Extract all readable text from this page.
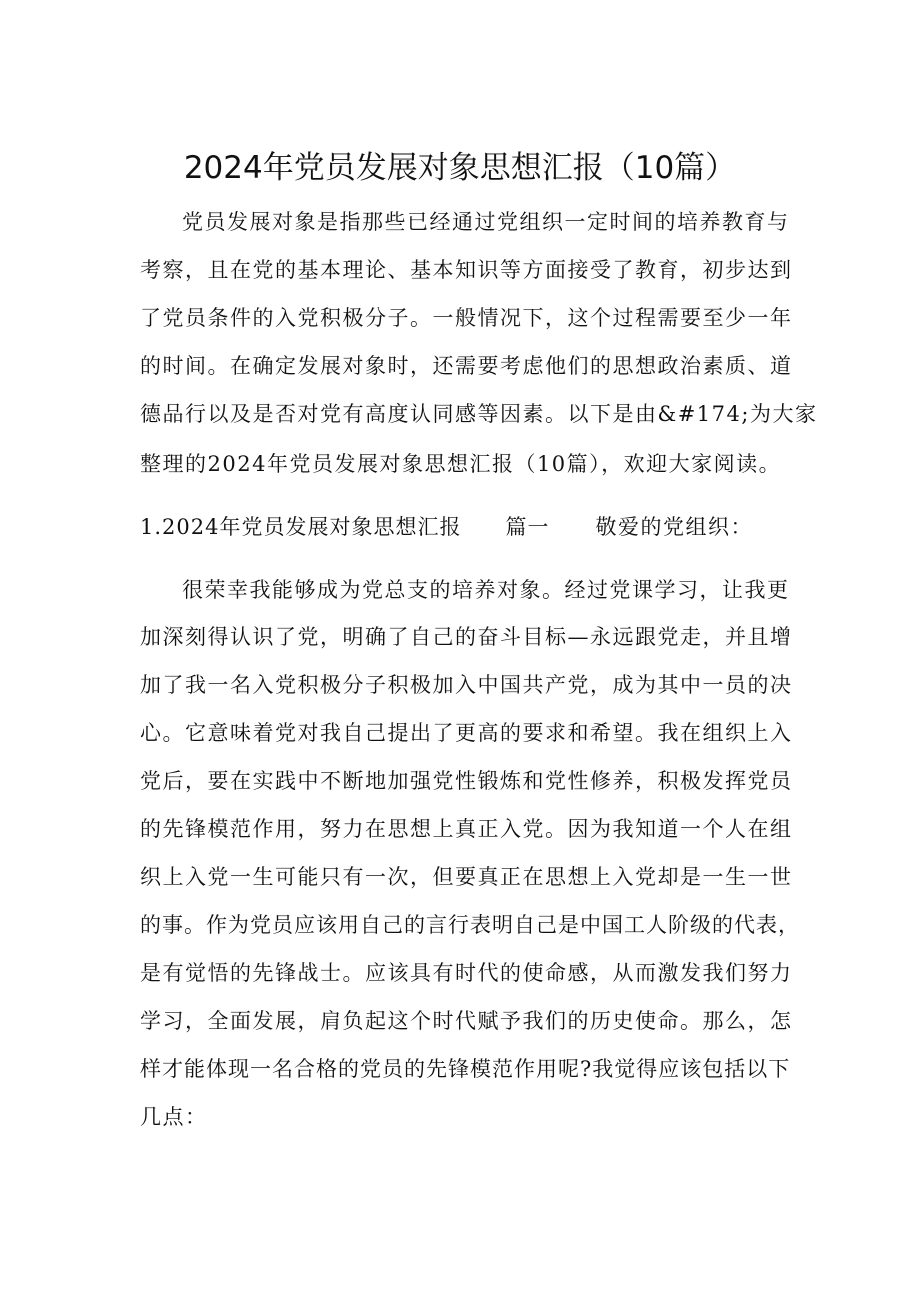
2024年党员发展对象思想汇报（10篇）
党员发展对象是指那些已经通过党组织一定时间的培养教育与
考察，且在党的基本理论、基本知识等方面接受了教育，初步达到
了党员条件的入党积极分子。一般情况下，这个过程需要至少一年
的时间。在确定发展对象时，还需要考虑他们的思想政治素质、道
德品行以及是否对党有高度认同感等因素。以下是由&#174;为大家
整理的2024年党员发展对象思想汇报（10篇），欢迎大家阅读。
1.2024年党员发展对象思想汇报 篇一 敬爱的党组织：
很荣幸我能够成为党总支的培养对象。经过党课学习，让我更
加深刻得认识了党，明确了自己的奋斗目标—永远跟党走，并且增
加了我一名入党积极分子积极加入中国共产党，成为其中一员的决
心。它意味着党对我自己提出了更高的要求和希望。我在组织上入
党后，要在实践中不断地加强党性锻炼和党性修养，积极发挥党员
的先锋模范作用，努力在思想上真正入党。因为我知道一个人在组
织上入党一生可能只有一次，但要真正在思想上入党却是一生一世
的事。作为党员应该用自己的言行表明自己是中国工人阶级的代表，
是有觉悟的先锋战士。应该具有时代的使命感，从而激发我们努力
学习，全面发展，肩负起这个时代赋予我们的历史使命。那么，怎
样才能体现一名合格的党员的先锋模范作用呢?我觉得应该包括以下
几点：
